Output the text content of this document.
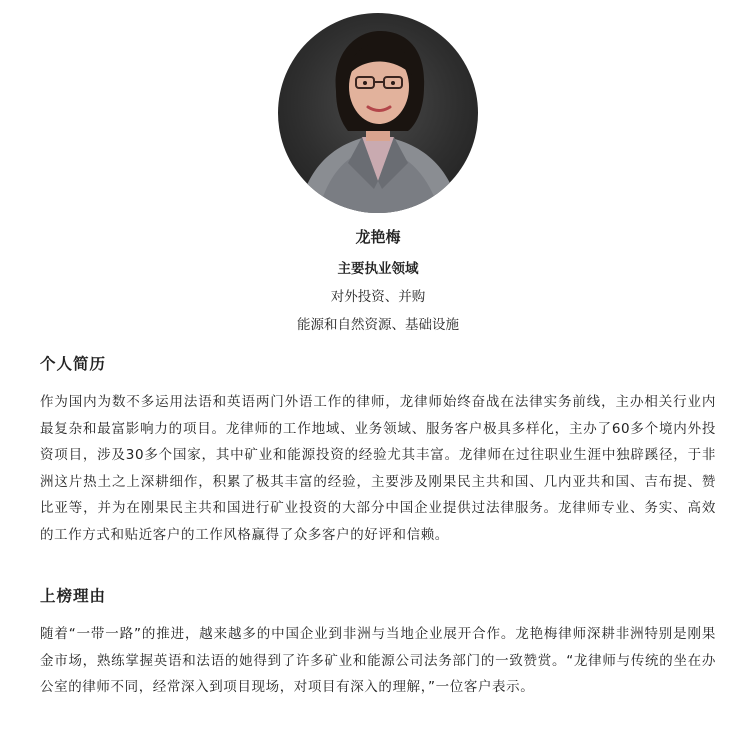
龙艳梅
主要执业领域
对外投资、并购
能源和自然资源、基础设施
个人简历
作为国内为数不多运用法语和英语两门外语工作的律师，龙律师始终奋战在法律实务前线，主办相关行业内最复杂和最富影响力的项目。龙律师的工作地域、业务领域、服务客户极具多样化，主办了60多个境内外投资项目，涉及30多个国家，其中矿业和能源投资的经验尤其丰富。龙律师在过往职业生涯中独辟蹊径，于非洲这片热土之上深耕细作，积累了极其丰富的经验，主要涉及刚果民主共和国、几内亚共和国、吉布提、赞比亚等，并为在刚果民主共和国进行矿业投资的大部分中国企业提供过法律服务。龙律师专业、务实、高效的工作方式和贴近客户的工作风格赢得了众多客户的好评和信赖。
上榜理由
随着“一带一路”的推进，越来越多的中国企业到非洲与当地企业展开合作。龙艳梅律师深耕非洲特别是刚果金市场，熟练掌握英语和法语的她得到了许多矿业和能源公司法务部门的一致赞赏。“龙律师与传统的坐在办公室的律师不同，经常深入到项目现场，对项目有深入的理解，”一位客户表示。
